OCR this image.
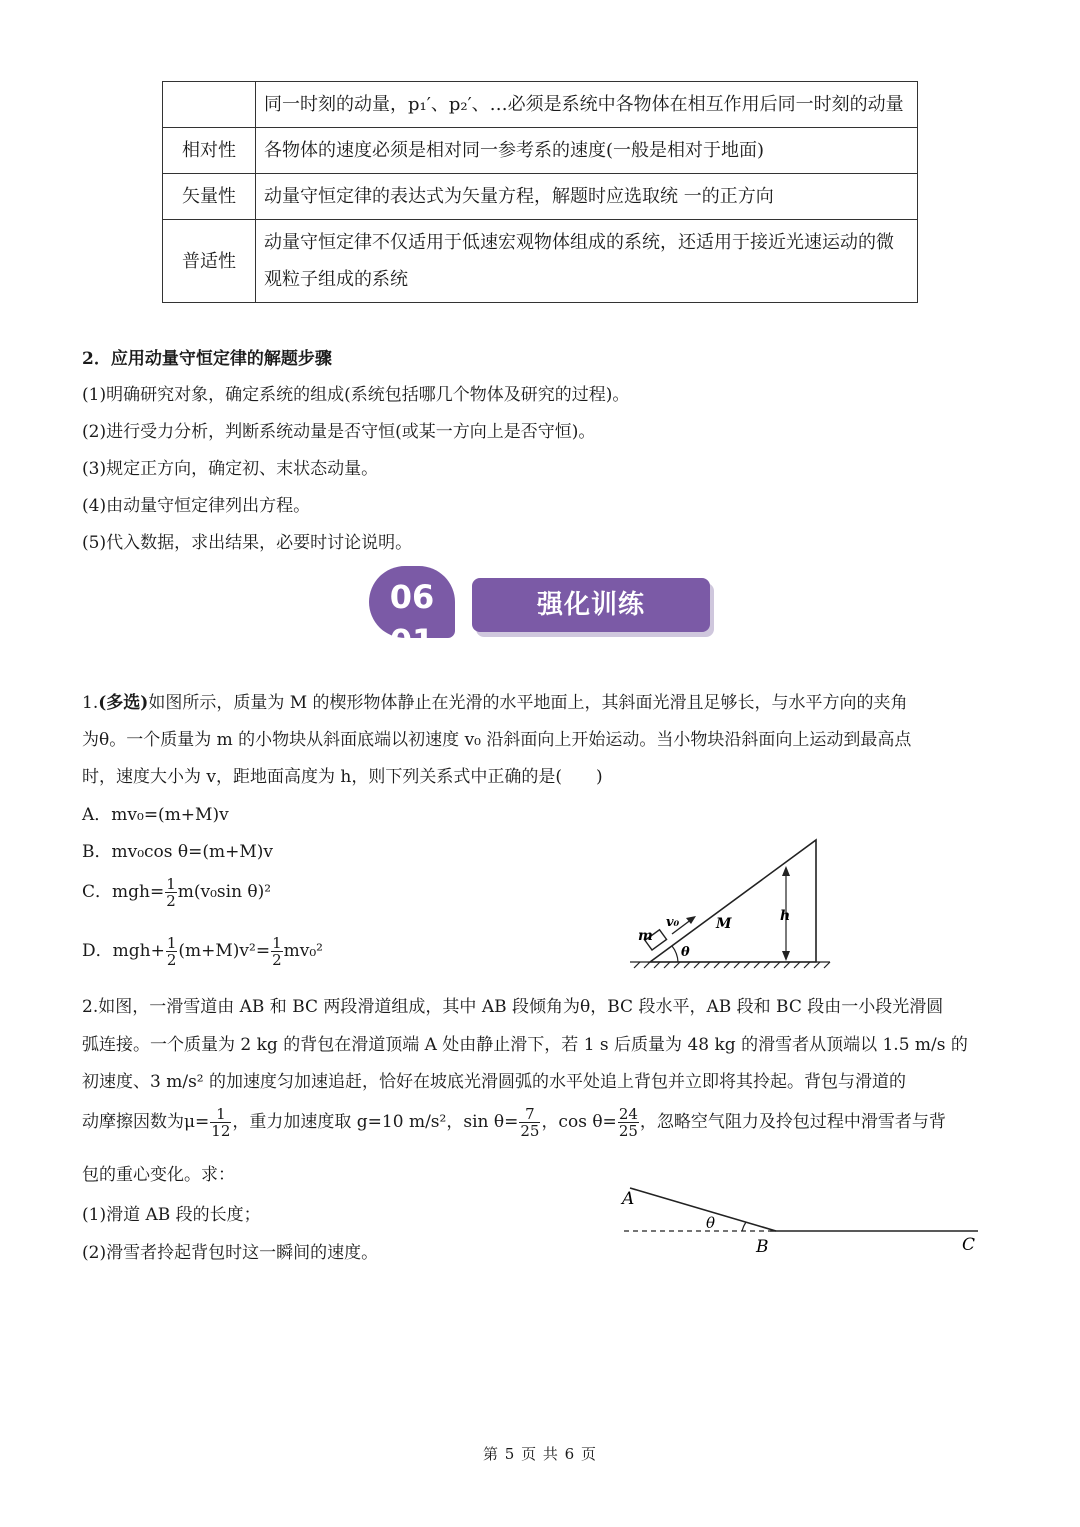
	同一时刻的动量，p₁′、p₂′、…必须是系统中各物体在相互作用后同一时刻的动量
相对性	各物体的速度必须是相对同一参考系的速度(一般是相对于地面)
矢量性	动量守恒定律的表达式为矢量方程，解题时应选取统 一的正方向
普适性	动量守恒定律不仅适用于低速宏观物体组成的系统，还适用于接近光速运动的微观粒子组成的系统
2．应用动量守恒定律的解题步骤
(1)明确研究对象，确定系统的组成(系统包括哪几个物体及研究的过程)。
(2)进行受力分析，判断系统动量是否守恒(或某一方向上是否守恒)。
(3)规定正方向，确定初、末状态动量。
(4)由动量守恒定律列出方程。
(5)代入数据，求出结果，必要时讨论说明。
06
01
强化训练
1.(多选)如图所示，质量为 M 的楔形物体静止在光滑的水平地面上，其斜面光滑且足够长，与水平方向的夹角
为θ。一个质量为 m 的小物块从斜面底端以初速度 v₀ 沿斜面向上开始运动。当小物块沿斜面向上运动到最高点
时，速度大小为 v，距地面高度为 h，则下列关系式中正确的是(　　)
A．mv₀=(m+M)v
B．mv₀cos θ=(m+M)v
C．$mgh= \frac{1}{2} m(v_0\sin$ θ)²
D．$mgh+ \frac{1}{2} (m+M)v^2= \frac{1}{2} mv_0^2$
m
v₀	M	h
θ
2.如图，一滑雪道由 AB 和 BC 两段滑道组成，其中 AB 段倾角为θ，BC 段水平，AB 段和 BC 段由一小段光滑圆
弧连接。一个质量为 2 kg 的背包在滑道顶端 A 处由静止滑下，若 1 s 后质量为 48 kg 的滑雪者从顶端以 1.5 m/s 的
初速度、3 m/s² 的加速度匀加速追赶，恰好在坡底光滑圆弧的水平处追上背包并立即将其拎起。背包与滑道的
动摩擦因数为$\mu= \frac{1}{12}$ ，重力加速度取 g=10 m/s²，$\sin \theta= \frac{7}{25}$ ，$\cos \theta= \frac{24}{25}$ ，忽略空气阻力及拎包过程中滑雪者与背
包的重心变化。求：
(1)滑道 AB 段的长度；
(2)滑雪者拎起背包时这一瞬间的速度。
A
θ
B	C
第 5 页 共 6 页
